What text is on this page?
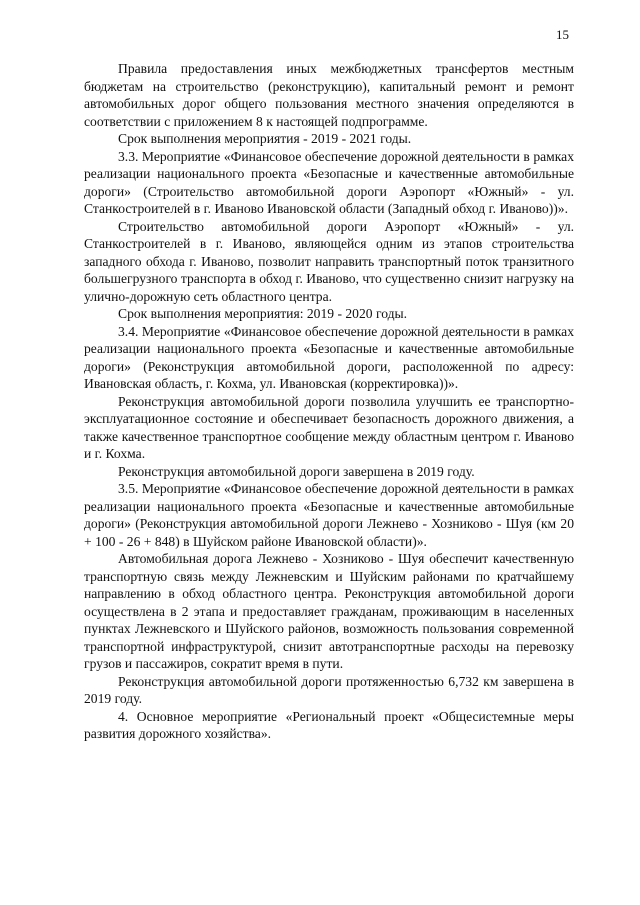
15

Правила предоставления иных межбюджетных трансфертов местным бюджетам на строительство (реконструкцию), капитальный ремонт и ремонт автомобильных дорог общего пользования местного значения определяются в соответствии с приложением 8 к настоящей подпрограмме.

Срок выполнения мероприятия - 2019 - 2021 годы.

3.3. Мероприятие «Финансовое обеспечение дорожной деятельности в рамках реализации национального проекта «Безопасные и качественные автомобильные дороги» (Строительство автомобильной дороги Аэропорт «Южный» - ул. Станкостроителей в г. Иваново Ивановской области (Западный обход г. Иваново))».

Строительство автомобильной дороги Аэропорт «Южный» - ул. Станкостроителей в г. Иваново, являющейся одним из этапов строительства западного обхода г. Иваново, позволит направить транспортный поток транзитного большегрузного транспорта в обход г. Иваново, что существенно снизит нагрузку на улично-дорожную сеть областного центра.

Срок выполнения мероприятия: 2019 - 2020 годы.

3.4. Мероприятие «Финансовое обеспечение дорожной деятельности в рамках реализации национального проекта «Безопасные и качественные автомобильные дороги» (Реконструкция автомобильной дороги, расположенной по адресу: Ивановская область, г. Кохма, ул. Ивановская (корректировка))».

Реконструкция автомобильной дороги позволила улучшить ее транспортно-эксплуатационное состояние и обеспечивает безопасность дорожного движения, а также качественное транспортное сообщение между областным центром г. Иваново и г. Кохма.

Реконструкция автомобильной дороги завершена в 2019 году.

3.5. Мероприятие «Финансовое обеспечение дорожной деятельности в рамках реализации национального проекта «Безопасные и качественные автомобильные дороги» (Реконструкция автомобильной дороги Лежнево - Хозниково - Шуя (км 20 + 100 - 26 + 848) в Шуйском районе Ивановской области)».

Автомобильная дорога Лежнево - Хозниково - Шуя обеспечит качественную транспортную связь между Лежневским и Шуйским районами по кратчайшему направлению в обход областного центра. Реконструкция автомобильной дороги осуществлена в 2 этапа и предоставляет гражданам, проживающим в населенных пунктах Лежневского и Шуйского районов, возможность пользования современной транспортной инфраструктурой, снизит автотранспортные расходы на перевозку грузов и пассажиров, сократит время в пути.

Реконструкция автомобильной дороги протяженностью 6,732 км завершена в 2019 году.

4. Основное мероприятие «Региональный проект «Общесистемные меры развития дорожного хозяйства».
